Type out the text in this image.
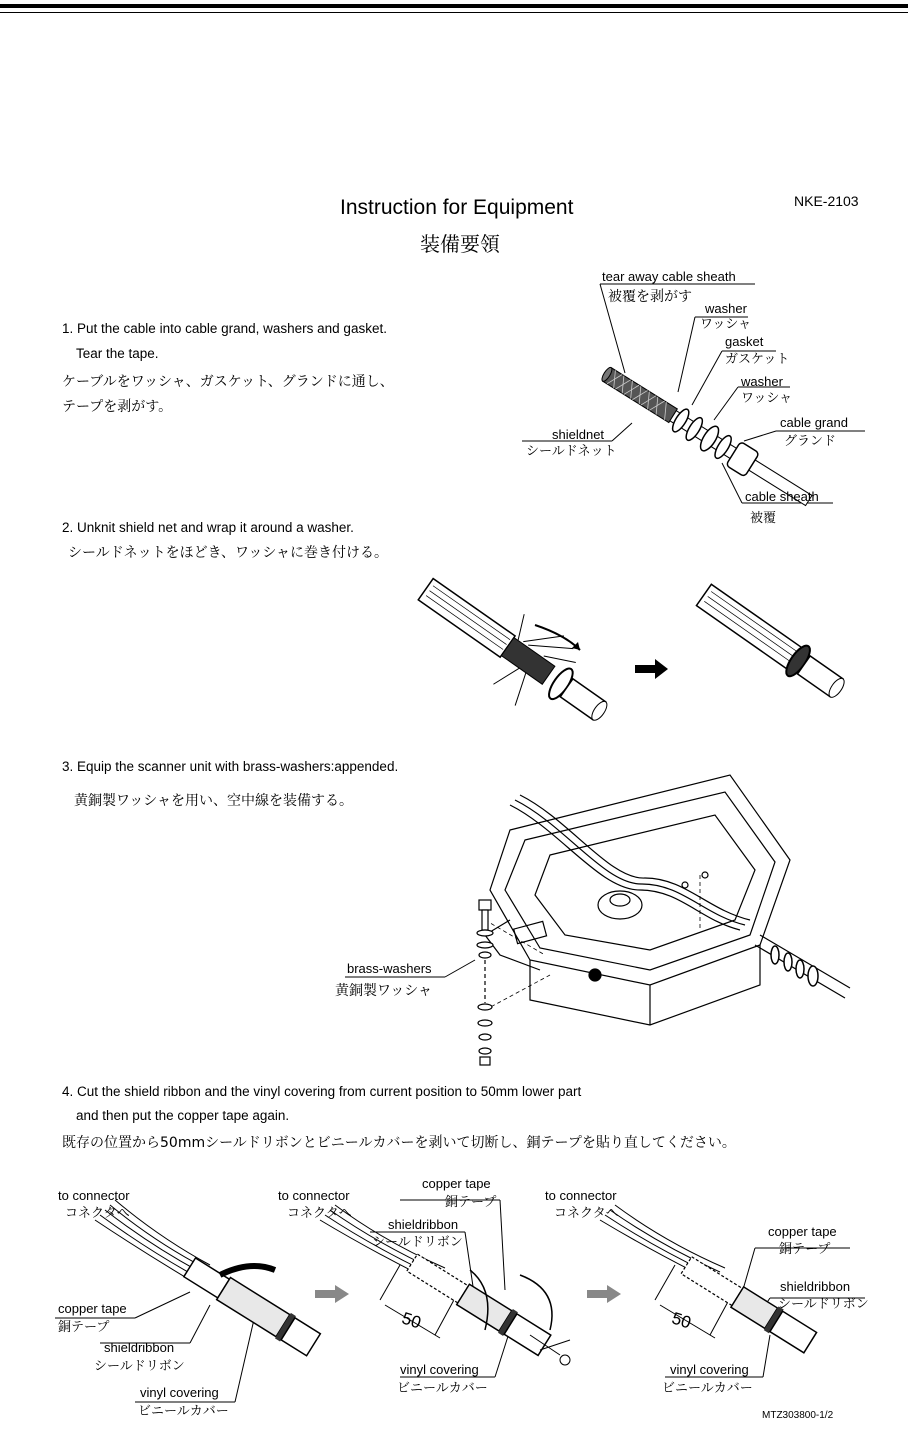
Instruction for Equipment
装備要領
NKE-2103
1. Put the cable into cable grand, washers and gasket.
Tear the tape.
ケーブルをワッシャ、ガスケット、グランドに通し、
テープを剥がす。
tear away cable sheath
被覆を剥がす
washer
ワッシャ
gasket
ガスケット
washer
ワッシャ
cable grand
グランド
shieldnet
シールドネット
cable sheath
被覆
2. Unknit shield net and wrap it around a washer.
シールドネットをほどき、ワッシャに巻き付ける。
3. Equip the scanner unit with brass-washers:appended.
黄銅製ワッシャを用い、空中線を装備する。
brass-washers
黄銅製ワッシャ
4. Cut the shield ribbon and the vinyl covering from current position to 50mm lower part
and then put the copper tape again.
既存の位置から50mmシールドリボンとビニールカバーを剥いて切断し、銅テープを貼り直してください。
to connector
コネクタへ
copper tape
銅テープ
shieldribbon
シールドリボン
vinyl covering
ビニールカバー
to connector
コネクタへ
copper tape
銅テープ
shieldribbon
シールドリボン
50
vinyl covering
ビニールカバー
to connector
コネクタへ
copper tape
銅テープ
shieldribbon
シールドリボン
50
vinyl covering
ビニールカバー
MTZ303800-1/2
